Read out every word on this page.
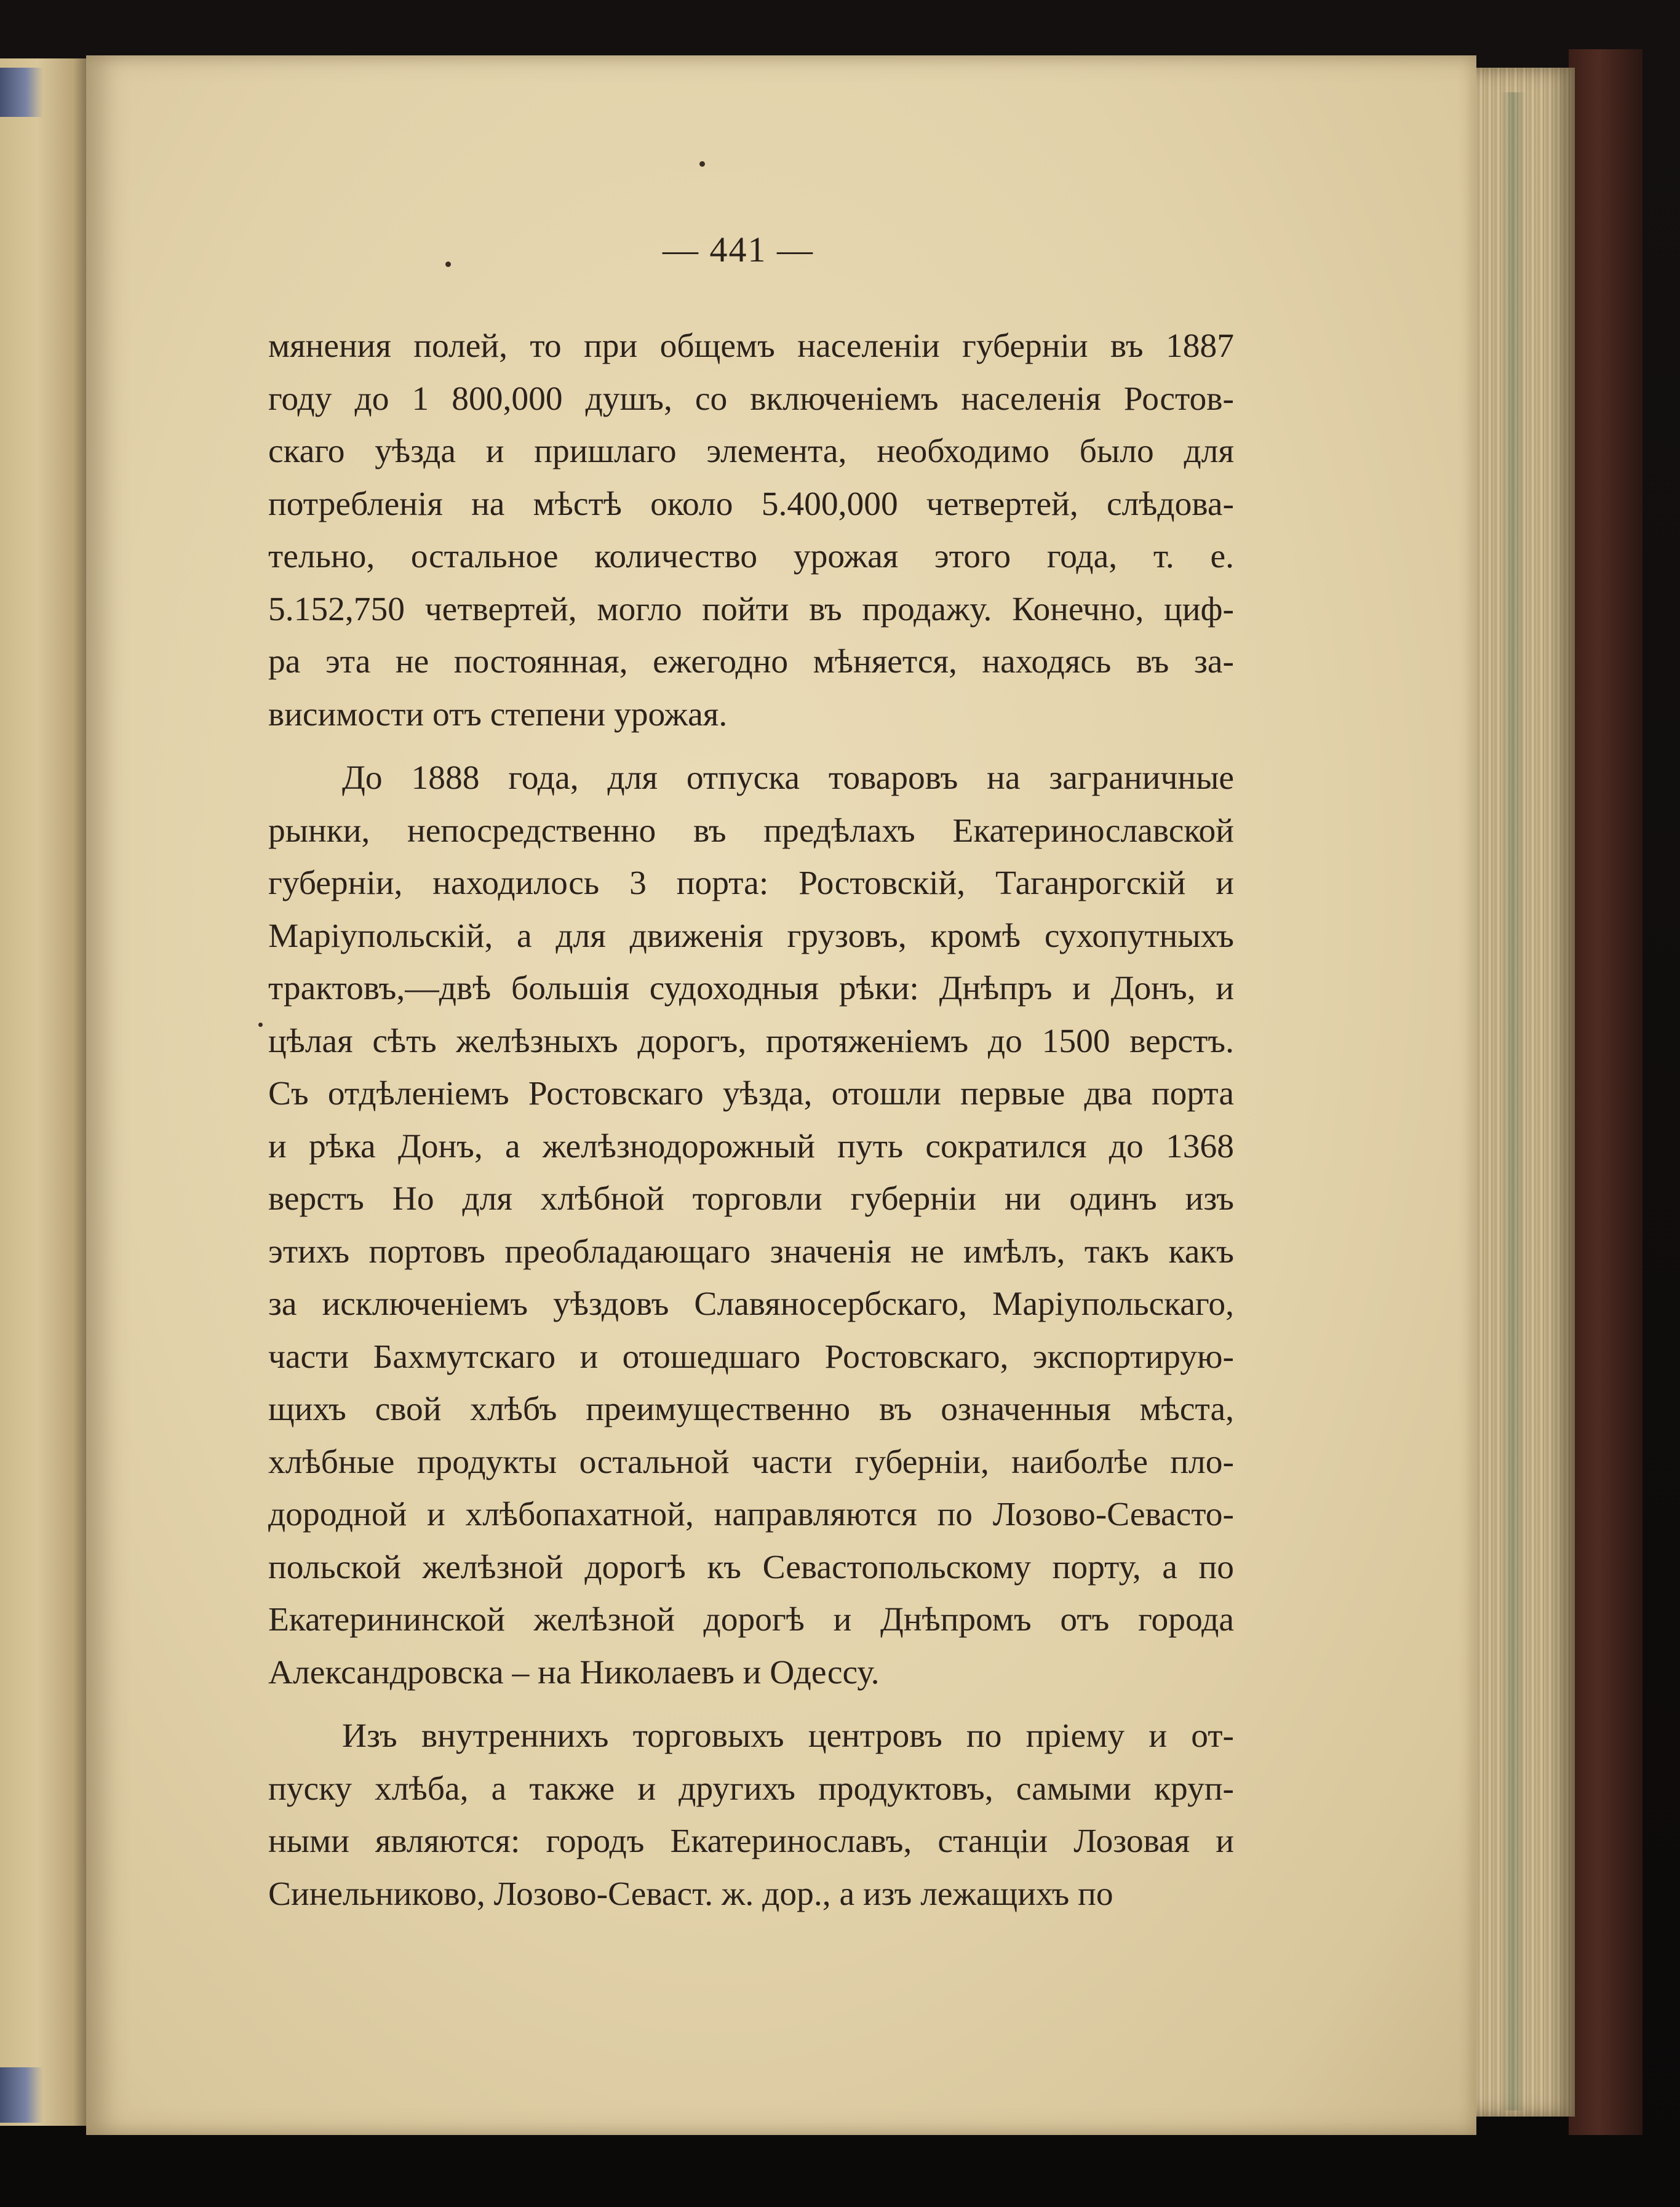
— 441 —

мянения полей, то при общемъ населеніи губерніи въ 1887
году до 1 800,000 душъ, со включеніемъ населенія Ростов-
скаго уѣзда и пришлаго элемента, необходимо было для
потребленія на мѣстѣ около 5.400,000 четвертей, слѣдова-
тельно, остальное количество урожая этого года, т. е.
5.152,750 четвертей, могло пойти въ продажу. Конечно, циф-
ра эта не постоянная, ежегодно мѣняется, находясь въ за-
висимости отъ степени урожая.

До 1888 года, для отпуска товаровъ на заграничные
рынки, непосредственно въ предѣлахъ Екатеринославской
губерніи, находилось 3 порта: Ростовскій, Таганрогскій и
Маріупольскій, а для движенія грузовъ, кромѣ сухопутныхъ
трактовъ,—двѣ большія судоходныя рѣки: Днѣпръ и Донъ, и
цѣлая сѣть желѣзныхъ дорогъ, протяженіемъ до 1500 верстъ.
Съ отдѣленіемъ Ростовскаго уѣзда, отошли первые два порта
и рѣка Донъ, а желѣзнодорожный путь сократился до 1368
верстъ Но для хлѣбной торговли губерніи ни одинъ изъ
этихъ портовъ преобладающаго значенія не имѣлъ, такъ какъ
за исключеніемъ уѣздовъ Славяносербскаго, Маріупольскаго,
части Бахмутскаго и отошедшаго Ростовскаго, экспортирую-
щихъ свой хлѣбъ преимущественно въ означенныя мѣста,
хлѣбные продукты остальной части губерніи, наиболѣе пло-
дородной и хлѣбопахатной, направляются по Лозово-Севасто-
польской желѣзной дорогѣ къ Севастопольскому порту, а по
Екатерининской желѣзной дорогѣ и Днѣпромъ отъ города
Александровска – на Николаевъ и Одессу.

Изъ внутреннихъ торговыхъ центровъ по пріему и от-
пуску хлѣба, а также и другихъ продуктовъ, самыми круп-
ными являются: городъ Екатеринославъ, станціи Лозовая и
Синельниково, Лозово-Севаст. ж. дор., а изъ лежащихъ по
